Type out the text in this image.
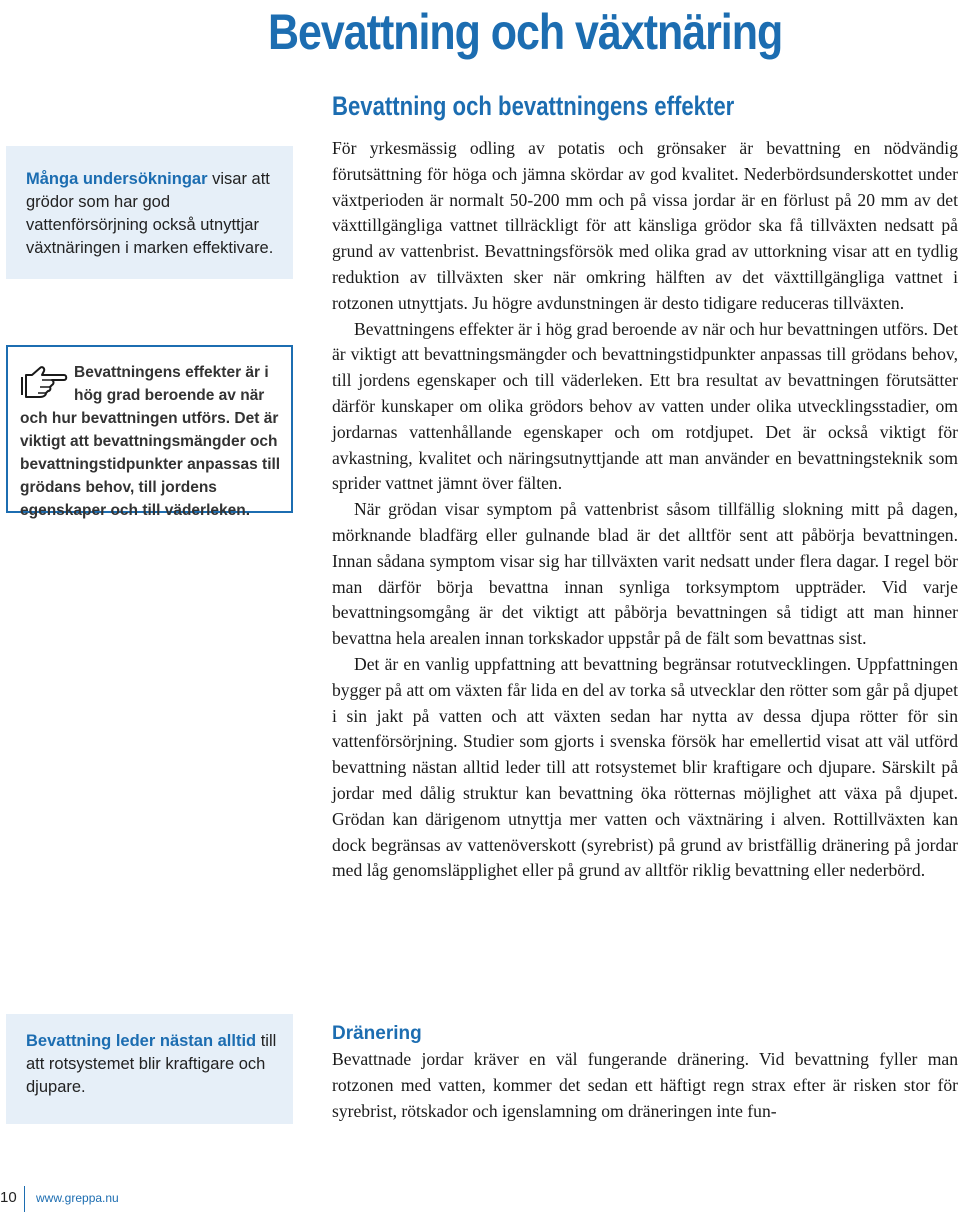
Bevattning och växtnäring
Bevattning och bevattningens effekter
Många undersökningar visar att grödor som har god vattenförsörjning också utnyttjar växtnäringen i marken effektivare.
Bevattningens effekter är i hög grad beroende av när och hur bevattningen utförs. Det är viktigt att bevattningsmängder och bevattningstidpunkter anpassas till grödans behov, till jordens egenskaper och till väderleken.
Bevattning leder nästan alltid till att rotsystemet blir kraftigare och djupare.

För yrkesmässig odling av potatis och grönsaker är bevattning en nödvändig förutsättning för höga och jämna skördar av god kvalitet. Nederbördsunderskottet under växtperioden är normalt 50-200 mm och på vissa jordar är en förlust på 20 mm av det växttillgängliga vattnet tillräckligt för att känsliga grödor ska få tillväxten nedsatt på grund av vattenbrist. Bevattningsförsök med olika grad av uttorkning visar att en tydlig reduktion av tillväxten sker när omkring hälften av det växttillgängliga vattnet i rotzonen utnyttjats. Ju högre avdunstningen är desto tidigare reduceras tillväxten.

Bevattningens effekter är i hög grad beroende av när och hur bevattningen utförs. Det är viktigt att bevattningsmängder och bevattningstidpunkter anpassas till grödans behov, till jordens egenskaper och till väderleken. Ett bra resultat av bevattningen förutsätter därför kunskaper om olika grödors behov av vatten under olika utvecklingsstadier, om jordarnas vattenhållande egenskaper och om rotdjupet. Det är också viktigt för avkastning, kvalitet och näringsutnyttjande att man använder en bevattningsteknik som sprider vattnet jämnt över fälten.

När grödan visar symptom på vattenbrist såsom tillfällig slokning mitt på dagen, mörknande bladfärg eller gulnande blad är det alltför sent att påbörja bevattningen. Innan sådana symptom visar sig har tillväxten varit nedsatt under flera dagar. I regel bör man därför börja bevattna innan synliga torksymptom uppträder. Vid varje bevattningsomgång är det viktigt att påbörja bevattningen så tidigt att man hinner bevattna hela arealen innan torkskador uppstår på de fält som bevattnas sist.

Det är en vanlig uppfattning att bevattning begränsar rotutvecklingen. Uppfattningen bygger på att om växten får lida en del av torka så utvecklar den rötter som går på djupet i sin jakt på vatten och att växten sedan har nytta av dessa djupa rötter för sin vattenförsörjning. Studier som gjorts i svenska försök har emellertid visat att väl utförd bevattning nästan alltid leder till att rotsystemet blir kraftigare och djupare. Särskilt på jordar med dålig struktur kan bevattning öka rötternas möjlighet att växa på djupet. Grödan kan därigenom utnyttja mer vatten och växtnäring i alven. Rottillväxten kan dock begränsas av vattenöverskott (syrebrist) på grund av bristfällig dränering på jordar med låg genomsläpplighet eller på grund av alltför riklig bevattning eller nederbörd.

Dränering
Bevattnade jordar kräver en väl fungerande dränering. Vid bevattning fyller man rotzonen med vatten, kommer det sedan ett häftigt regn strax efter är risken stor för syrebrist, rötskador och igenslamning om dräneringen inte fun-
10 www.greppa.nu
